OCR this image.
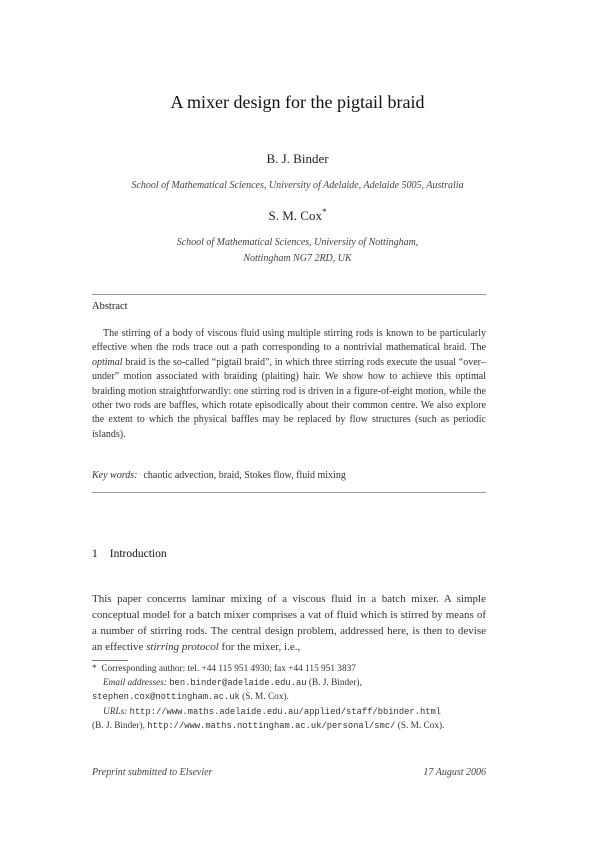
A mixer design for the pigtail braid
B. J. Binder
School of Mathematical Sciences, University of Adelaide, Adelaide 5005, Australia
S. M. Cox*
School of Mathematical Sciences, University of Nottingham,
Nottingham NG7 2RD, UK
Abstract
The stirring of a body of viscous fluid using multiple stirring rods is known to be particularly effective when the rods trace out a path corresponding to a nontrivial mathematical braid. The optimal braid is the so-called “pigtail braid”, in which three stirring rods execute the usual “over–under” motion associated with braiding (plaiting) hair. We show how to achieve this optimal braiding motion straightforwardly: one stirring rod is driven in a figure-of-eight motion, while the other two rods are baffles, which rotate episodically about their common centre. We also explore the extent to which the physical baffles may be replaced by flow structures (such as periodic islands).
Key words: chaotic advection, braid, Stokes flow, fluid mixing
1 Introduction
This paper concerns laminar mixing of a viscous fluid in a batch mixer. A simple conceptual model for a batch mixer comprises a vat of fluid which is stirred by means of a number of stirring rods. The central design problem, addressed here, is then to devise an effective stirring protocol for the mixer, i.e.,
* Corresponding author: tel. +44 115 951 4930; fax +44 115 951 3837
Email addresses: ben.binder@adelaide.edu.au (B. J. Binder),
stephen.cox@nottingham.ac.uk (S. M. Cox).
URLs: http://www.maths.adelaide.edu.au/applied/staff/bbinder.html
(B. J. Binder), http://www.maths.nottingham.ac.uk/personal/smc/ (S. M. Cox).
Preprint submitted to Elsevier	17 August 2006
